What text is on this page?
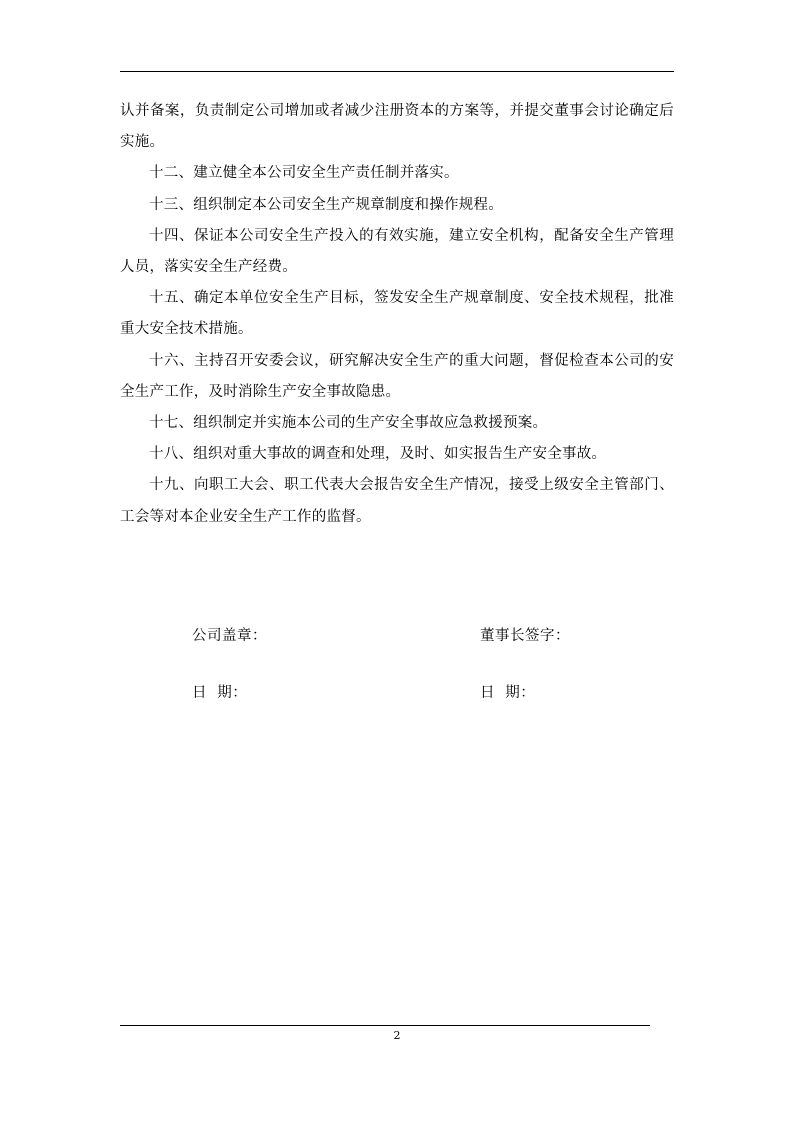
认并备案，负责制定公司增加或者减少注册资本的方案等，并提交董事会讨论确定后实施。

十二、建立健全本公司安全生产责任制并落实。

十三、组织制定本公司安全生产规章制度和操作规程。

十四、保证本公司安全生产投入的有效实施，建立安全机构，配备安全生产管理人员，落实安全生产经费。

十五、确定本单位安全生产目标，签发安全生产规章制度、安全技术规程，批准重大安全技术措施。

十六、主持召开安委会议，研究解决安全生产的重大问题，督促检查本公司的安全生产工作，及时消除生产安全事故隐患。

十七、组织制定并实施本公司的生产安全事故应急救援预案。

十八、组织对重大事故的调查和处理，及时、如实报告生产安全事故。

十九、向职工大会、职工代表大会报告安全生产情况，接受上级安全主管部门、工会等对本企业安全生产工作的监督。

公司盖章：	董事长签字：
日  期：	日  期：
2
